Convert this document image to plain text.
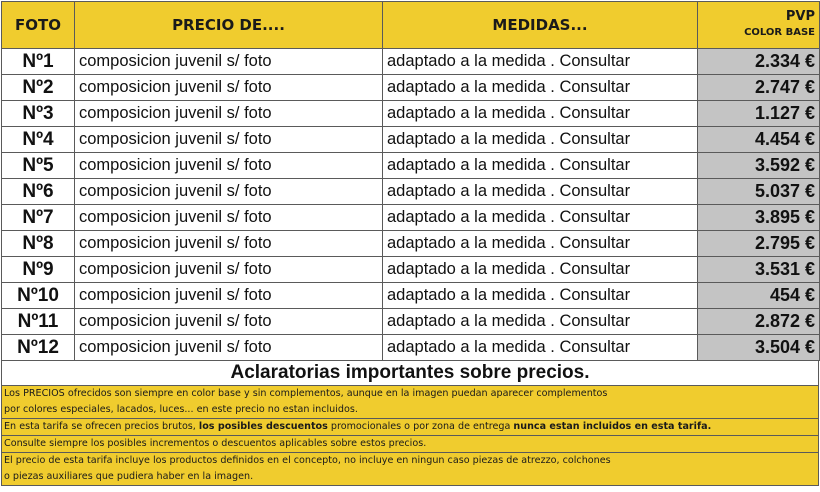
FOTO	PRECIO DE....	MEDIDAS...	PVP
COLOR BASE

Nº1	composicion juvenil s/ foto	adaptado a la medida . Consultar	2.334 €
Nº2	composicion juvenil s/ foto	adaptado a la medida . Consultar	2.747 €
Nº3	composicion juvenil s/ foto	adaptado a la medida . Consultar	1.127 €
Nº4	composicion juvenil s/ foto	adaptado a la medida . Consultar	4.454 €
Nº5	composicion juvenil s/ foto	adaptado a la medida . Consultar	3.592 €
Nº6	composicion juvenil s/ foto	adaptado a la medida . Consultar	5.037 €
Nº7	composicion juvenil s/ foto	adaptado a la medida . Consultar	3.895 €
Nº8	composicion juvenil s/ foto	adaptado a la medida . Consultar	2.795 €
Nº9	composicion juvenil s/ foto	adaptado a la medida . Consultar	3.531 €
Nº10	composicion juvenil s/ foto	adaptado a la medida . Consultar	454 €
Nº11	composicion juvenil s/ foto	adaptado a la medida . Consultar	2.872 €
Nº12	composicion juvenil s/ foto	adaptado a la medida . Consultar	3.504 €
Aclaratorias importantes sobre precios.
Los PRECIOS ofrecidos son siempre en color base y sin complementos, aunque en la imagen puedan aparecer complementos
por colores especiales, lacados, luces... en este precio no estan incluidos.
En esta tarifa se ofrecen precios brutos, los posibles descuentos promocionales o por zona de entrega nunca estan incluidos en esta tarifa.
Consulte siempre los posibles incrementos o descuentos aplicables sobre estos precios.
El precio de esta tarifa incluye los productos definidos en el concepto, no incluye en ningun caso piezas de atrezzo, colchones
o piezas auxiliares que pudiera haber en la imagen.
